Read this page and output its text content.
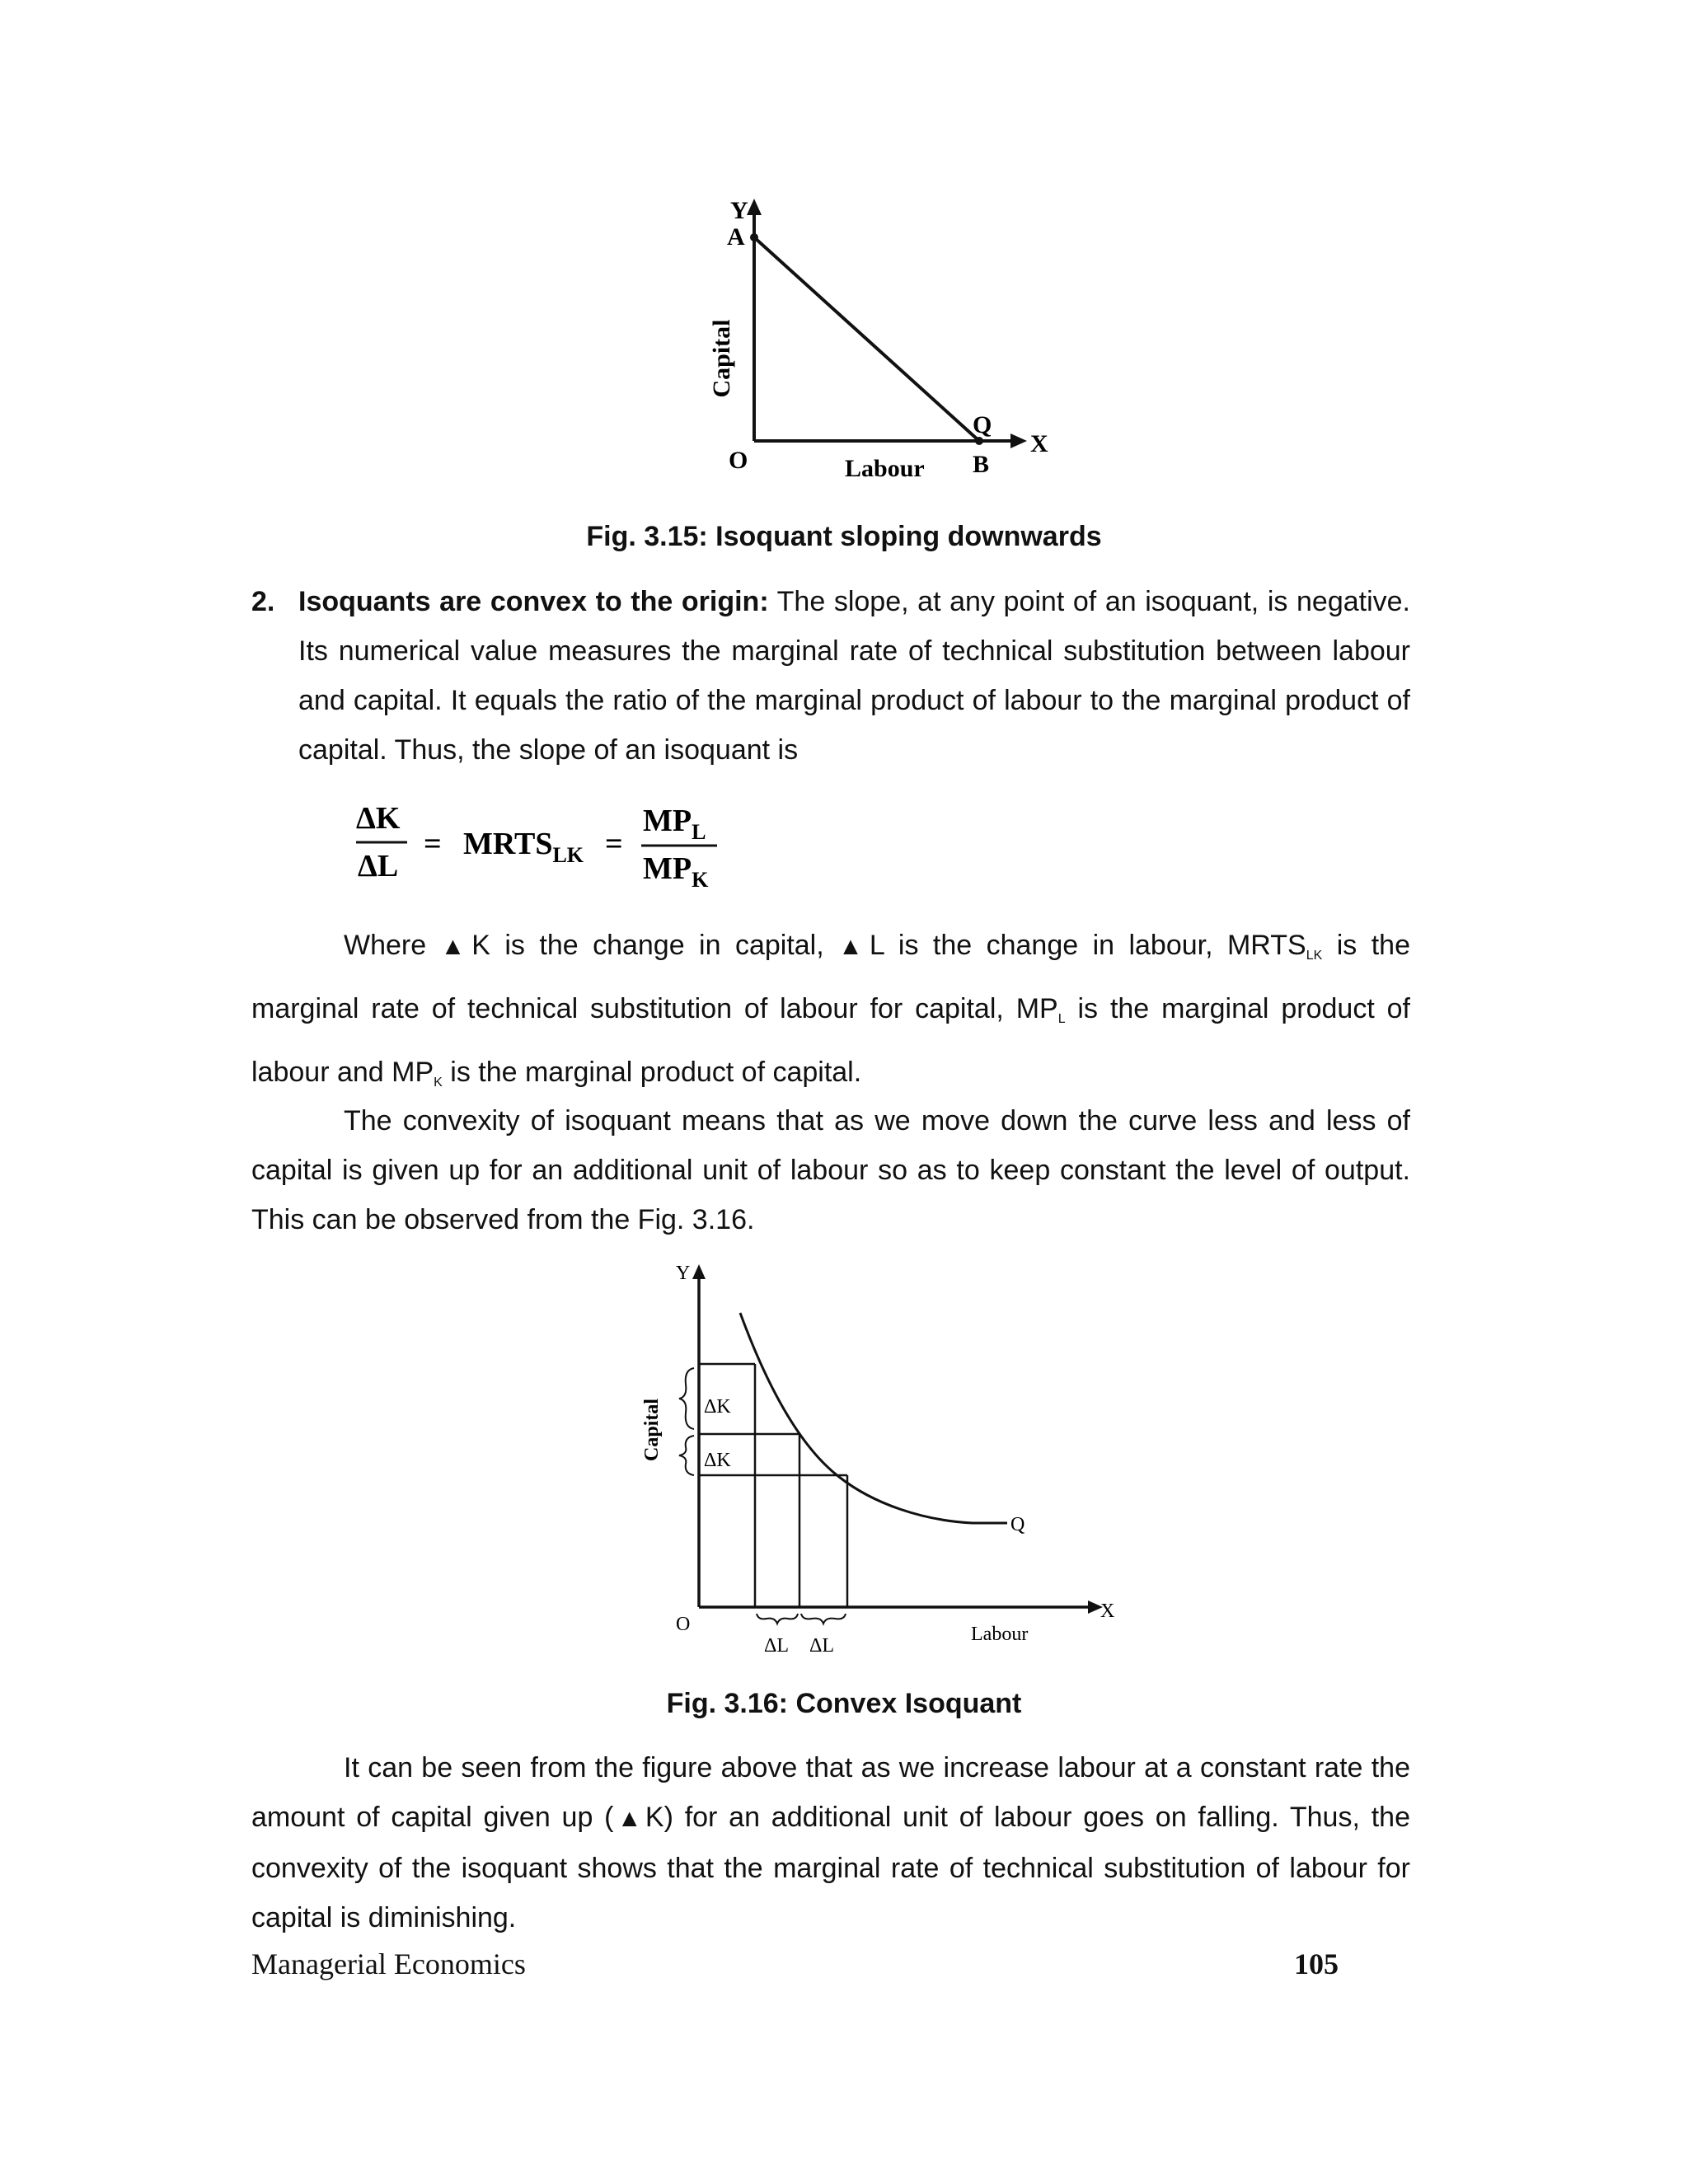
Y
A
Capital
O	Labour
Q
B
X
Fig. 3.15: Isoquant sloping downwards
2. Isoquants are convex to the origin: The slope, at any point of an isoquant, is negative. Its numerical value measures the marginal rate of technical substitution between labour and capital. It equals the ratio of the marginal product of labour to the marginal product of capital. Thus, the slope of an isoquant is
ΔK
ΔL
= $MRTS_{LK}$ =
$MP_L$
$MP_K$

Where ▲K is the change in capital, ▲L is the change in labour, $MRTS_{LK}$ is the marginal rate of technical substitution of labour for capital, $MP_L$ is the marginal product of labour and $MP_K$ is the marginal product of capital.

The convexity of isoquant means that as we move down the curve less and less of capital is given up for an additional unit of labour so as to keep constant the level of output. This can be observed from the Fig. 3.16.
Y
Capital ΔK
ΔK
O
Q
X
Labour
ΔL ΔL
Fig. 3.16: Convex Isoquant

It can be seen from the figure above that as we increase labour at a constant rate the amount of capital given up (▲K) for an additional unit of labour goes on falling. Thus, the convexity of the isoquant shows that the marginal rate of technical substitution of labour for capital is diminishing.

Managerial Economics	105
